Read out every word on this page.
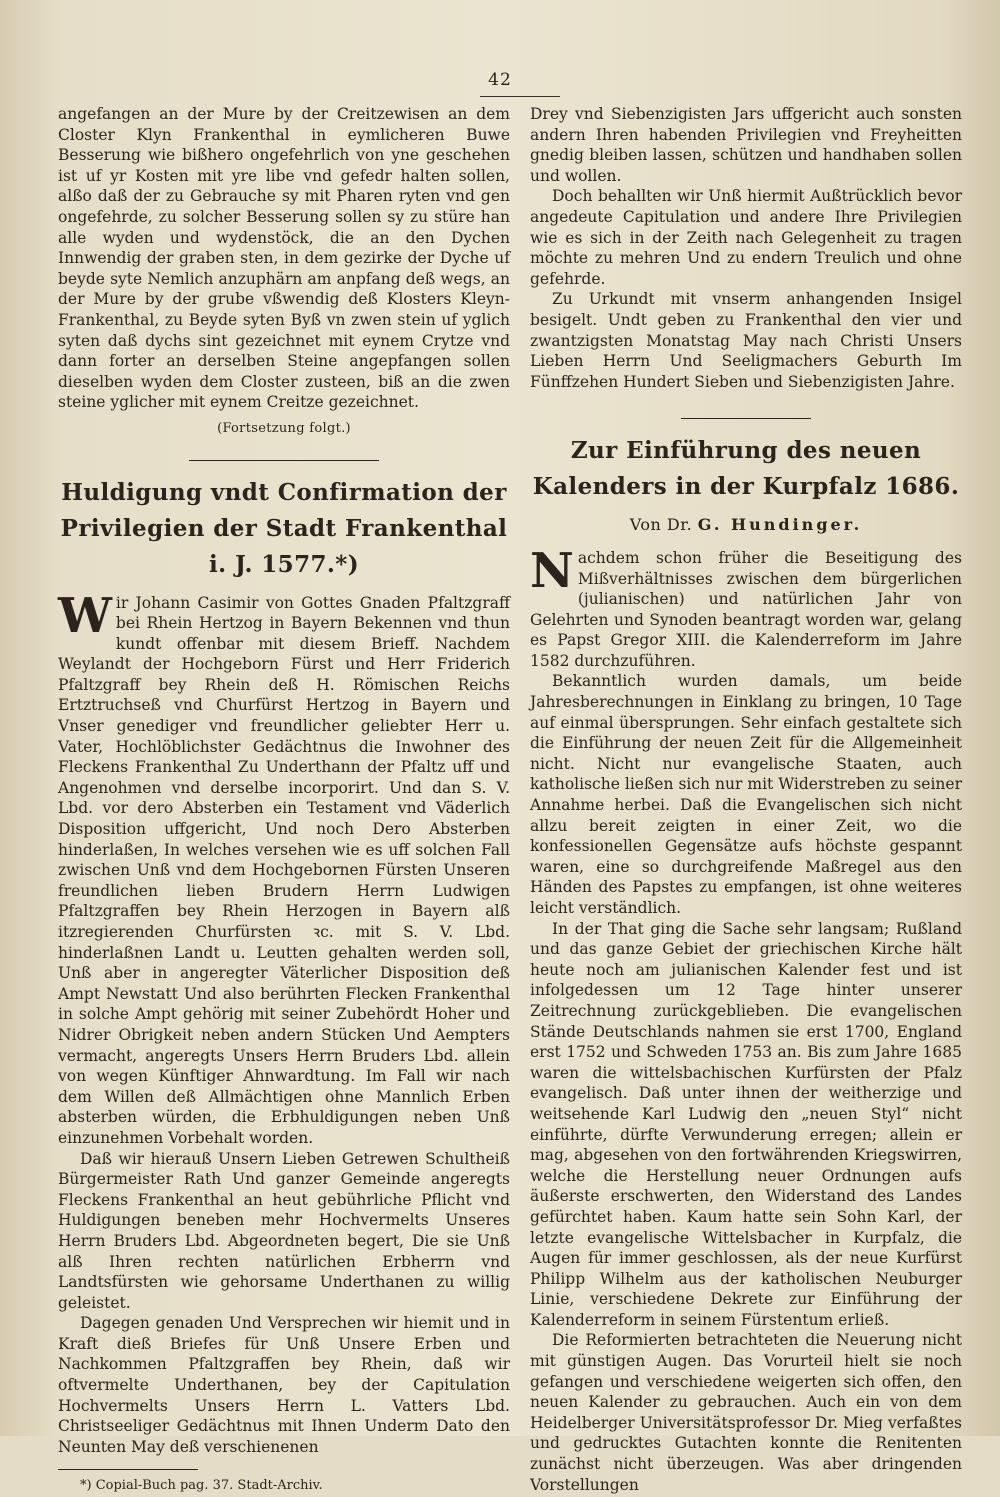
42

angefangen an der Mure by der Creitzewisen an dem Closter Klyn Frankenthal in eymlicheren Buwe Besserung wie bißhero ongefehrlich von yne geschehen ist uf yr Kosten mit yre libe vnd gefedr halten sollen, alßo daß der zu Gebrauche sy mit Pharen ryten vnd gen ongefehrde, zu solcher Besserung sollen sy zu stüre han alle wyden und wydenstöck, die an den Dychen Innwendig der graben sten, in dem gezirke der Dyche uf beyde syte Nemlich anzuphärn am anpfang deß wegs, an der Mure by der grube vßwendig deß Klosters Kleyn-Frankenthal, zu Beyde syten Byß vn zwen stein uf yglich syten daß dychs sint gezeichnet mit eynem Crytze vnd dann forter an derselben Steine angepfangen sollen dieselben wyden dem Closter zusteen, biß an die zwen steine yglicher mit eynem Creitze gezeichnet.

(Fortsetzung folgt.)
Huldigung vndt Confirmation der Privilegien der Stadt Frankenthal i. J. 1577.*)
W ir Johann Casimir von Gottes Gnaden Pfaltzgraff bei Rhein Hertzog in Bayern Bekennen vnd thun kundt offenbar mit diesem Brieff. Nachdem Weylandt der Hochgeborn Fürst und Herr Friderich Pfaltzgraff bey Rhein deß H. Römischen Reichs Ertztruchseß vnd Churfürst Hertzog in Bayern und Vnser genediger vnd freundlicher geliebter Herr u. Vater, Hochlöblichster Gedächtnus die Inwohner des Fleckens Frankenthal Zu Underthann der Pfaltz uff und Angenohmen vnd derselbe incorporirt. Und dan S. V. Lbd. vor dero Absterben ein Testament vnd Väderlich Disposition uffgericht, Und noch Dero Absterben hinderlaßen, In welches versehen wie es uff solchen Fall zwischen Unß vnd dem Hochgebornen Fürsten Unseren freundlichen lieben Brudern Herrn Ludwigen Pfaltzgraffen bey Rhein Herzogen in Bayern alß itzregierenden Churfürsten ꝛc. mit S. V. Lbd. hinderlaßnen Landt u. Leutten gehalten werden soll, Unß aber in angeregter Väterlicher Disposition deß Ampt Newstatt Und also berührten Flecken Frankenthal in solche Ampt gehörig mit seiner Zubehördt Hoher und Nidrer Obrigkeit neben andern Stücken Und Aempters vermacht, angeregts Unsers Herrn Bruders Lbd. allein von wegen Künftiger Ahnwardtung. Im Fall wir nach dem Willen deß Allmächtigen ohne Mannlich Erben absterben würden, die Erbhuldigungen neben Unß einzunehmen Vorbehalt worden.

Daß wir hierauß Unsern Lieben Getrewen Schultheiß Bürgermeister Rath Und ganzer Gemeinde angeregts Fleckens Frankenthal an heut gebührliche Pflicht vnd Huldigungen beneben mehr Hochvermelts Unseres Herrn Bruders Lbd. Abgeordneten begert, Die sie Unß alß Ihren rechten natürlichen Erbherrn vnd Landtsfürsten wie gehorsame Underthanen zu willig geleistet.

Dagegen genaden Und Versprechen wir hiemit und in Kraft dieß Briefes für Unß Unsere Erben und Nachkommen Pfaltzgraffen bey Rhein, daß wir oftvermelte Underthanen, bey der Capitulation Hochvermelts Unsers Herrn L. Vatters Lbd. Christseeliger Gedächtnus mit Ihnen Underm Dato den Neunten May deß verschienenen

*) Copial-Buch pag. 37. Stadt-Archiv.

Drey vnd Siebenzigisten Jars uffgericht auch sonsten andern Ihren habenden Privilegien vnd Freyheitten gnedig bleiben lassen, schützen und handhaben sollen und wollen.

Doch behallten wir Unß hiermit Außtrücklich bevor angedeute Capitulation und andere Ihre Privilegien wie es sich in der Zeith nach Gelegenheit zu tragen möchte zu mehren Und zu endern Treulich und ohne gefehrde.

Zu Urkundt mit vnserm anhangenden Insigel besigelt. Undt geben zu Frankenthal den vier und zwantzigsten Monatstag May nach Christi Unsers Lieben Herrn Und Seeligmachers Geburth Im Fünffzehen Hundert Sieben und Siebenzigisten Jahre.

Zur Einführung des neuen Kalenders in der Kurpfalz 1686.
Von Dr. G. Hundinger.
N achdem schon früher die Beseitigung des Mißverhältnisses zwischen dem bürgerlichen (julianischen) und natürlichen Jahr von Gelehrten und Synoden beantragt worden war, gelang es Papst Gregor XIII. die Kalenderreform im Jahre 1582 durchzuführen.

Bekanntlich wurden damals, um beide Jahresberechnungen in Einklang zu bringen, 10 Tage auf einmal übersprungen. Sehr einfach gestaltete sich die Einführung der neuen Zeit für die Allgemeinheit nicht. Nicht nur evangelische Staaten, auch katholische ließen sich nur mit Widerstreben zu seiner Annahme herbei. Daß die Evangelischen sich nicht allzu bereit zeigten in einer Zeit, wo die konfessionellen Gegensätze aufs höchste gespannt waren, eine so durchgreifende Maßregel aus den Händen des Papstes zu empfangen, ist ohne weiteres leicht verständlich.

In der That ging die Sache sehr langsam; Rußland und das ganze Gebiet der griechischen Kirche hält heute noch am julianischen Kalender fest und ist infolgedessen um 12 Tage hinter unserer Zeitrechnung zurückgeblieben. Die evangelischen Stände Deutschlands nahmen sie erst 1700, England erst 1752 und Schweden 1753 an. Bis zum Jahre 1685 waren die wittelsbachischen Kurfürsten der Pfalz evangelisch. Daß unter ihnen der weitherzige und weitsehende Karl Ludwig den „neuen Styl“ nicht einführte, dürfte Verwunderung erregen; allein er mag, abgesehen von den fortwährenden Kriegswirren, welche die Herstellung neuer Ordnungen aufs äußerste erschwerten, den Widerstand des Landes gefürchtet haben. Kaum hatte sein Sohn Karl, der letzte evangelische Wittelsbacher in Kurpfalz, die Augen für immer geschlossen, als der neue Kurfürst Philipp Wilhelm aus der katholischen Neuburger Linie, verschiedene Dekrete zur Einführung der Kalenderreform in seinem Fürstentum erließ.

Die Reformierten betrachteten die Neuerung nicht mit günstigen Augen. Das Vorurteil hielt sie noch gefangen und verschiedene weigerten sich offen, den neuen Kalender zu gebrauchen. Auch ein von dem Heidelberger Universitätsprofessor Dr. Mieg verfaßtes und gedrucktes Gutachten konnte die Renitenten zunächst nicht überzeugen. Was aber dringenden Vorstellungen
